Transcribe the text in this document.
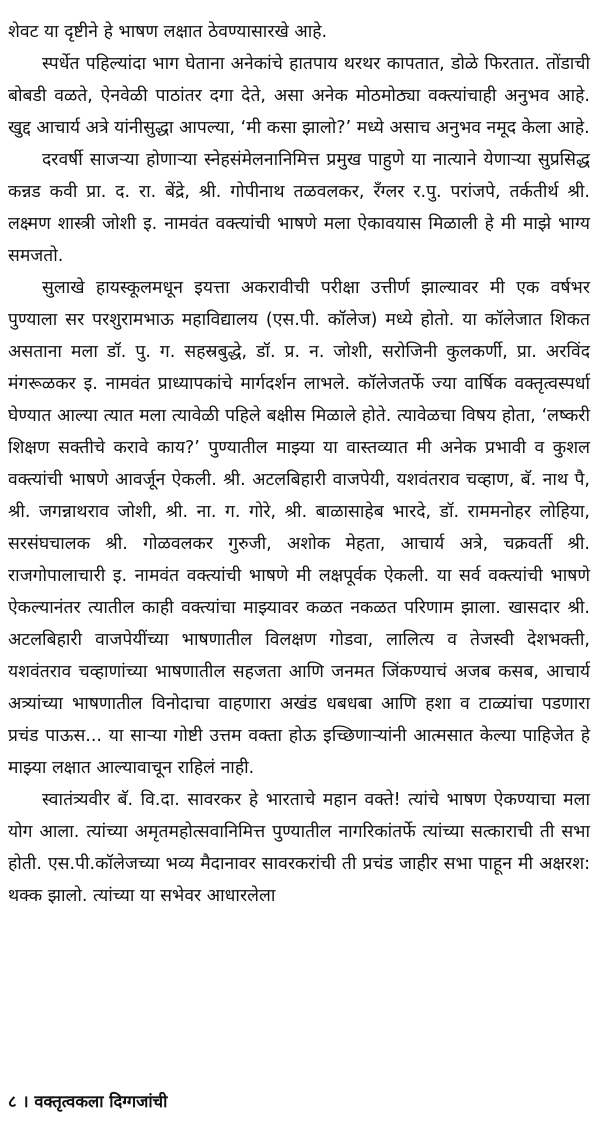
शेवट या दृष्टीने हे भाषण लक्षात ठेवण्यासारखे आहे.

स्पर्धेत पहिल्यांदा भाग घेताना अनेकांचे हातपाय थरथर कापतात, डोळे फिरतात. तोंडाची बोबडी वळते, ऐनवेळी पाठांतर दगा देते, असा अनेक मोठमोठ्या वक्त्यांचाही अनुभव आहे. खुद्द आचार्य अत्रे यांनीसुद्धा आपल्या, ‘मी कसा झालो?’ मध्ये असाच अनुभव नमूद केला आहे.

दरवर्षी साजऱ्या होणाऱ्या स्नेहसंमेलनानिमित्त प्रमुख पाहुणे या नात्याने येणाऱ्या सुप्रसिद्ध कन्नड कवी प्रा. द. रा. बेंद्रे, श्री. गोपीनाथ तळवलकर, रँग्लर र.पु. परांजपे, तर्कतीर्थ श्री. लक्ष्मण शास्त्री जोशी इ. नामवंत वक्त्यांची भाषणे मला ऐकावयास मिळाली हे मी माझे भाग्य समजतो.

सुलाखे हायस्कूलमधून इयत्ता अकरावीची परीक्षा उत्तीर्ण झाल्यावर मी एक वर्षभर पुण्याला सर परशुरामभाऊ महाविद्यालय (एस.पी. कॉलेज) मध्ये होतो. या कॉलेजात शिकत असताना मला डॉ. पु. ग. सहस्रबुद्धे, डॉ. प्र. न. जोशी, सरोजिनी कुलकर्णी, प्रा. अरविंद मंगरूळकर इ. नामवंत प्राध्यापकांचे मार्गदर्शन लाभले. कॉलेजतर्फे ज्या वार्षिक वक्तृत्वस्पर्धा घेण्यात आल्या त्यात मला त्यावेळी पहिले बक्षीस मिळाले होते. त्यावेळचा विषय होता, ‘लष्करी शिक्षण सक्तीचे करावे काय?’ पुण्यातील माझ्या या वास्तव्यात मी अनेक प्रभावी व कुशल वक्त्यांची भाषणे आवर्जून ऐकली. श्री. अटलबिहारी वाजपेयी, यशवंतराव चव्हाण, बॅ. नाथ पै, श्री. जगन्नाथराव जोशी, श्री. ना. ग. गोरे, श्री. बाळासाहेब भारदे, डॉ. राममनोहर लोहिया, सरसंघचालक श्री. गोळवलकर गुरुजी, अशोक मेहता, आचार्य अत्रे, चक्रवर्ती श्री. राजगोपालाचारी इ. नामवंत वक्त्यांची भाषणे मी लक्षपूर्वक ऐकली. या सर्व वक्त्यांची भाषणे ऐकल्यानंतर त्यातील काही वक्त्यांचा माझ्यावर कळत नकळत परिणाम झाला. खासदार श्री. अटलबिहारी वाजपेयींच्या भाषणातील विलक्षण गोडवा, लालित्य व तेजस्वी देशभक्ती, यशवंतराव चव्हाणांच्या भाषणातील सहजता आणि जनमत जिंकण्याचं अजब कसब, आचार्य अत्र्यांच्या भाषणातील विनोदाचा वाहणारा अखंड धबधबा आणि हशा व टाळ्यांचा पडणारा प्रचंड पाऊस... या साऱ्या गोष्टी उत्तम वक्ता होऊ इच्छिणाऱ्यांनी आत्मसात केल्या पाहिजेत हे माझ्या लक्षात आल्यावाचून राहिलं नाही.

स्वातंत्र्यवीर बॅ. वि.दा. सावरकर हे भारताचे महान वक्ते! त्यांचे भाषण ऐकण्याचा मला योग आला. त्यांच्या अमृतमहोत्सवानिमित्त पुण्यातील नागरिकांतर्फे त्यांच्या सत्काराची ती सभा होती. एस.पी.कॉलेजच्या भव्य मैदानावर सावरकरांची ती प्रचंड जाहीर सभा पाहून मी अक्षरश: थक्क झालो. त्यांच्या या सभेवर आधारलेला

८ । वक्तृत्वकला दिग्गजांची
